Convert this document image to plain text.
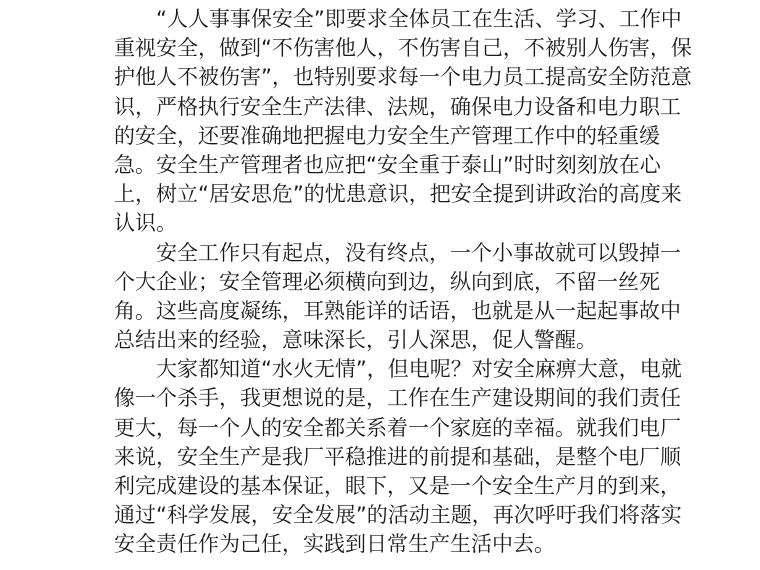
“人人事事保安全”即要求全体员工在生活、学习、工作中
重视安全，做到“不伤害他人，不伤害自己，不被别人伤害，保
护他人不被伤害”，也特别要求每一个电力员工提高安全防范意
识，严格执行安全生产法律、法规，确保电力设备和电力职工
的安全，还要准确地把握电力安全生产管理工作中的轻重缓
急。安全生产管理者也应把“安全重于泰山”时时刻刻放在心
上，树立“居安思危”的忧患意识，把安全提到讲政治的高度来
认识。
安全工作只有起点，没有终点，一个小事故就可以毁掉一
个大企业；安全管理必须横向到边，纵向到底，不留一丝死
角。这些高度凝练，耳熟能详的话语，也就是从一起起事故中
总结出来的经验，意味深长，引人深思，促人警醒。
大家都知道“水火无情”，但电呢？对安全麻痹大意，电就
像一个杀手，我更想说的是，工作在生产建设期间的我们责任
更大，每一个人的安全都关系着一个家庭的幸福。就我们电厂
来说，安全生产是我厂平稳推进的前提和基础，是整个电厂顺
利完成建设的基本保证，眼下，又是一个安全生产月的到来，
通过“科学发展，安全发展”的活动主题，再次呼吁我们将落实
安全责任作为己任，实践到日常生产生活中去。
